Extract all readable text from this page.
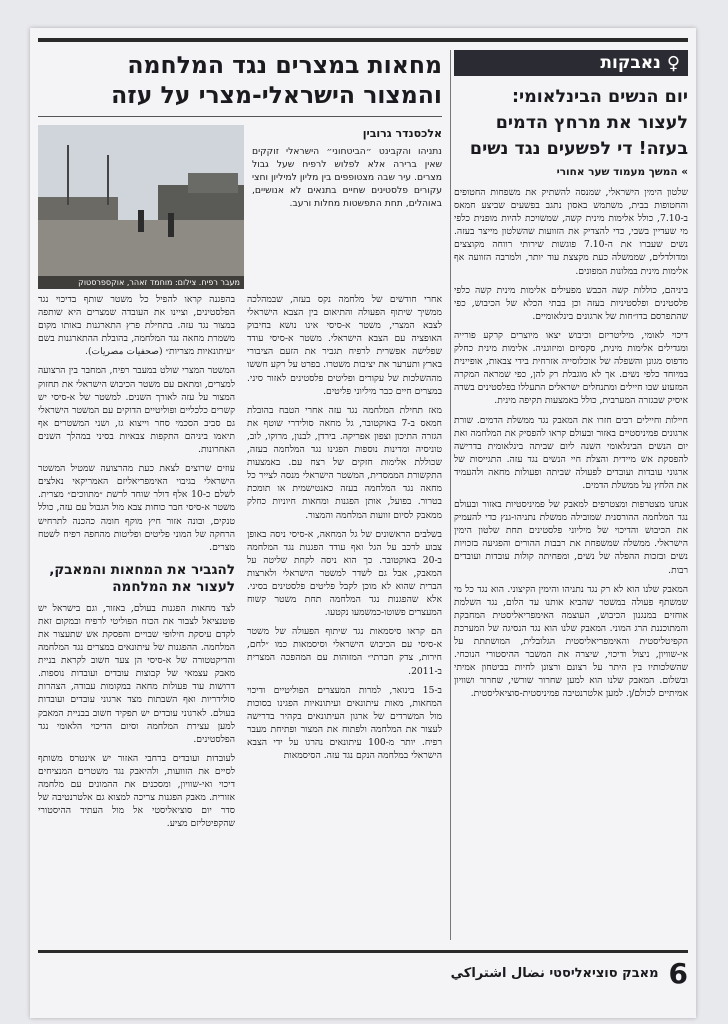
♀
נאבקות
יום הנשים הבינלאומי:
לעצור את מרחץ הדמים
בעזה! די לפשעים נגד נשים
» המשך מעמוד שער אחורי

שלטון הימין הישראלי, שמנסה להשתיק את משפחות החטופים והחטופות בבית, משתמש באסון נתגב בפשעים שביצע חמאס ב-7.10, כולל אלימות מינית קשה, שמשויכת להיות מופנית כלפי מי שעדיין בשבי, כדי להצדיק את הזוועות שהשלטון מייצר בעזה. נשים שעברו את ה-7.10 פוגשות שירותי רווחה מקוצצים ומדולדלים, שממשלה כעת מקצצת עוד יותר, ולמרבה הזוועה אף אלימות מינית במלונות המפונים.

ביניהם, כוללות קשה הכבש מפעילים אלימות מינית קשה כלפי פלסטינים ופלסטיניות בעזה וכן בבתי הכלא של הכיבוש, כפי שהתפרסם בדו״חות של ארגונים בינלאומיים.

דיכוי לאומי, מיליטריזם וכיבוש יצאו מיוצרים קרקע פורייה ומגדילים אלימות מינית, סקסיזם ומיזוגניה. אלימות מינית כחלק מדפוס מגונן והשפלה של אוכלוסייה אזרחית בידי צבאות, אופיינית במיוחד כלפי נשים. אך לא מוגבלת רק להן, כפי שמראה המקרה המזעזע שבו חיילים ומתנחלים ישראלים התעללו בפלסטינים בשדה איסיק שבגזרה המערבית, כולל באמצעות תקיפה מינית.

חיילות וחיילים רבים חזרו את המאבק נגד ממשלת הדמים. שורת ארגונים פמיניסטיים באזור ובעולם קראו להפסיק את המלחמה ואת יום הנשים הבינלאומי השנה ליום שביתה בינלאומית בדרישה להפסקת אש מיידית והצלת חיי הנשים נגד עזה. התגייסות של ארגוני עובדות ועובדים לפעולה שביתה ופעולות מחאה ולהעמיד את הלחץ על ממשלת הדמים.

אנחנו מצטרפות ומצטרפים למאבק של פמיניסטיות באזור ובעולם נגד המלחמה ההורסנית שמובילה ממשלת נתניהו-גנץ כדי להעמיק את הכיבוש והדיכוי של מיליוני פלסטינים תחת שלטון הימין הישראלי. ממשלה שמשפחת את רבבות ההורים והפגיעה בזכויות נשים ובזכות ההפלה של נשים, ומפחיתה קולות עובדות ועובדים רבות.

המאבק שלנו הוא לא רק נגד נתניהו והימין הקיצוני. הוא נגד כל מי שמשתף פעולה במשטר שהביא אותנו עד הלום, נגד השלמת אוחזים במנגנון הכיבוש, העוצמה האימפריאליסטית המחבקת והמתוכננת הרג המוני. המאבק שלנו הוא נגד הנסיגה של המערכת הקפיטליסטית והאימפריאליסטית הגלובלית, המושתתת על אי-שוויון, ניצול ודיכוי, שיצרה את המשבר ההיסטורי הנוכחי. שהשלכותיו בין היתר על רצונם ורצונן לחיות בביטחון אמיתי ובשלום. המאבק שלנו הוא למען שחרור שורשי, שחרור ושוויון אמיתיים לכולם/ן. למען אלטרנטיבה פמיניסטית-סוציאליסטית.

מחאות במצרים נגד המלחמה
והמצור הישראלי-מצרי על עזה
אלכסנדר גרובין
נתניהו והקבינט ״הביטחוני״ הישראלי זוקקים שאין ברירה אלא לפלוש לרפיח שעל גבול מצרים. עיר שבה מצטופפים בין מליון למיליון וחצי עקורים פלסטינים שחיים בתנאים לא אנושיים, באוהלים, תחת התפשטות מחלות ורעב.
מעבר רפיח. צילום: מוחמד זאהר, אוקספרסטוק

אחרי חודשים של מלחמה נקס בעזה, שבמהלכה ממשיך שיתוף הפעולה והתיאום בין הצבא הישראלי לצבא המצרי, משטר א-סיסי אינו נושא בחיבוק האופציה עם הצבא הישראלי. משטר א-סיסי עודד שפלישה אפשרית לרפיח תגביר את הזעם הציבורי בארץ ותערער את יציבות משטרו. בפרט על רקע חששו מההשלכות של עקורים ופליטים פלסטינים לאזור סיני. במצרים חיים כבר מיליוני פליטים.

מאז תחילת המלחמה נגד עזה אחרי הטבח בהובלת חמאס ב-7 באוקטובר, גל מחאה סולידרי שוטף את הגזרה התיכון וצפון אפריקה. בירדן, לבנון, מרוקו, לוב, טוניסיה ומדינות נוספות הפגינו נגד המלחמה בעזה, שכוללת אלימות חזקים של רצח עם. באמצעות התקשורת הממסדית, המשטר הישראלי מנסה לצייר כל מחאה נגד המלחמה בעזה כאנטישמית או תומכת בטרור. בפועל, אותן הפגנות ומחאות חיוניות כחלק ממאבק לסיום זוועות המלחמה והמצור.

בשלבים הראשונים של גל המחאה, א-סיסי ניסה באופן צבוע לרכב על הגל ואף עודד הפגנות נגד המלחמה ב-20 באוקטובר. כך הוא ניסה לקחת שליטה על המאבק, אבל גם לשדר למשטר הישראלי ולארצות הברית שהוא לא מוכן לקבל פליטים פלסטינים בסיני. אלא שהפגנות נגד המלחמה תחת משטר קשוח המעצרים פשוטו-כמשמעו נקטעו.

הם קראו סיסמאות נגד שיתוף הפעולה של משטר א-סיסי עם הכיבוש הישראלי וסיסמאות כמו ״לחם, חירות, צדק חברתי״ המזוהות עם המהפכה המצרית ב-2011.

ב-15 בינואר, למרות המעצרים הפוליטיים ודיכוי המחאות, מאות עיתונאים ועיתונאיות הפגינו בסוכות מול המשרדים של ארגון העיתונאים בקהיר בדרישה לעצור את המלחמה ולפתוח את המצור ופתיחת מעבר רפיח. יותר מ-100 עיתונאים נהרגו על ידי הצבא הישראלי במלחמה הנקם נגד עזה. הסיסמאות

בהפגנה קראו להפיל כל משטר שותף בדיכוי נגד הפלסטינים, וציינו את העובדה שמצרים היא שותפה במצור נגד עזה. בתחילת פרץ התארגנות באותו מקום משמרת מחאה נגד המלחמה, בהובלת ההתארגנות בשם ״עיתונאיות מצריות״ (صحفيات مصريات).

המשטר המצרי שולט במעבר רפיח, המחבר בין הרצועה למצרים, ומתאם עם משטר הכיבוש הישראלי את תחזוק המצור על עזה לאורך השנים. למשטר של א-סיסי יש קשרים כלכליים ופוליטיים הדוקים עם המשטר הישראלי גם סביב הסכמי סחר וייצוא גז, ושני המשטרים אף תיאמו ביניהם התקפות צבאיות בסיני במהלך השנים האחרונות.

עוזים שרוצים לצאת כעת מהרצועה שמטיל המשטר הישראלי בגיבוי האימפריאליזם האמריקאי נאלצים לשלם כ-10 אלף דולר שוחד לרשת ״מתווכים״ מצרית. משטר א-סיסי חבר כוחות צבא מול הגבול עם עזה, כולל טנקים, ובונה אזור חיץ מוקף חומה כהכנה לתרחיש הרחקה של המוני פליטים ופליטות מהחפה רפיח לשטח מצרים.

להגביר את המחאות והמאבק, לעצור את המלחמה

לצד מחאות הפגנות בעולם, באזור, וגם בישראל יש פוטנציאל לצבור את הכוח הפוליטי לרפיח ובמקום זאת לקדם עיסקת חילופי שבויים והפסקת אש שתעצור את המלחמה. ההפגנות של עיתונאים במצרים נגד המלחמה והדיקטטורה של א-סיסי הן צעד חשוב לקראת בניית מאבק עצמאי של קבוצות עובדים ועובדות נוספות. דרושות עוד פעולות מחאה במקומות עבודה, הצהרות סולידריות ואף השבתות מצד ארגוני עובדים ועובדות בעולם. לארגוני עובדים יש תפקיד חשוב בבניית המאבק למען עצירת המלחמה וסיום הדיכוי הלאומי נגד הפלסטינים.

לעובדות ועובדים ברחבי האזור יש אינטרס משותף לסיים את הזוועות, ולהיאבק נגד משטרים המנציחים דיכוי ואי-שוויון, ומסכנים את ההמונים עם מלחמה אזורית. מאבק הפגנות צריכה למצוא גם אלטרנטיבה של סדר יום סוציאליסטי אל מול העתיד ההיסטורי שהקפיטליזם מציע.

6
מאבק סוציאליסטי نضال اشتراكي
